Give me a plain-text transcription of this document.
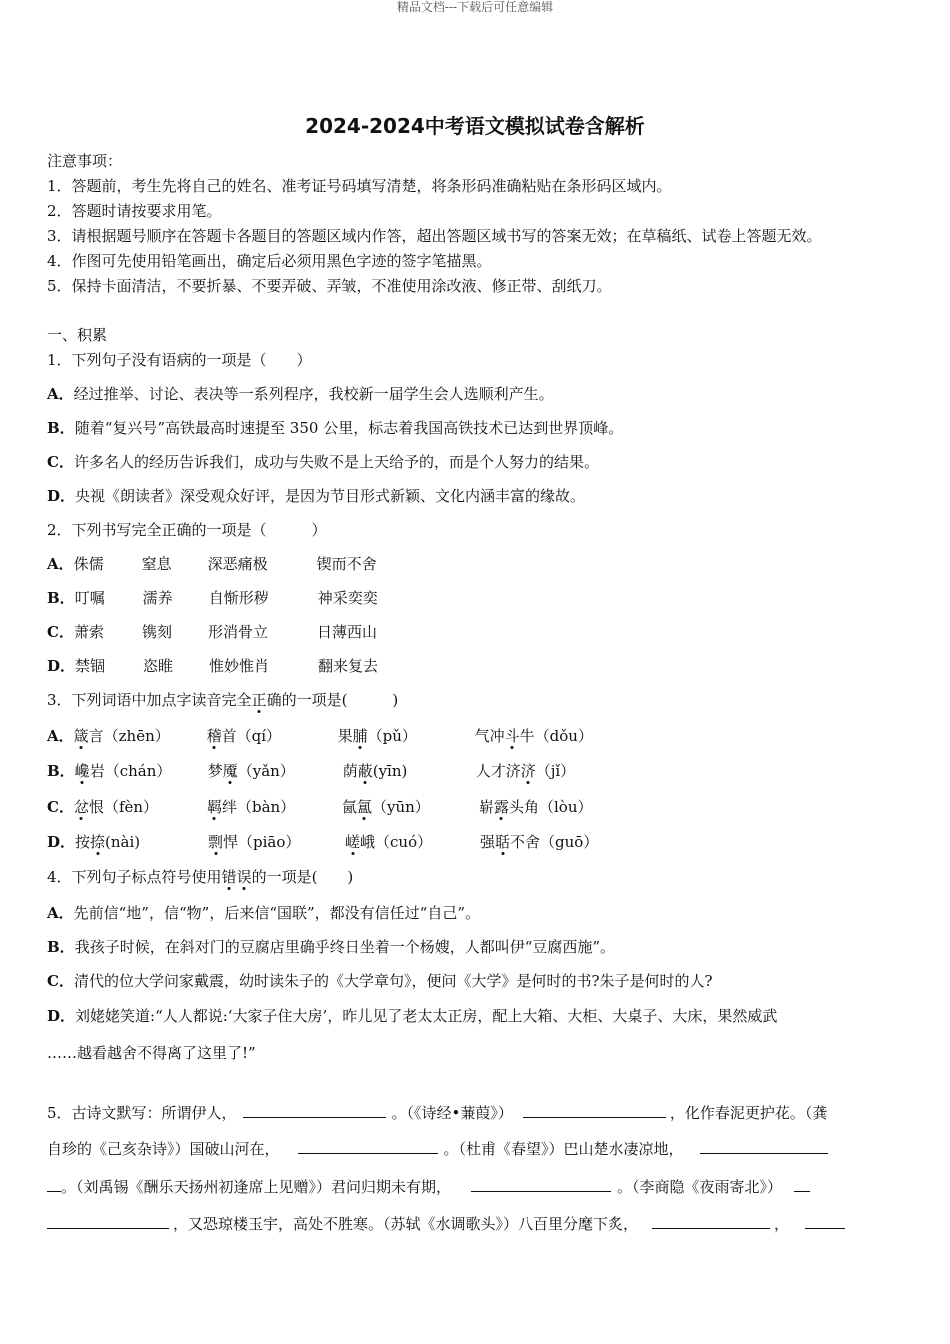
精品文档---下载后可任意编辑
2024-2024中考语文模拟试卷含解析
注意事项：
1．答题前，考生先将自己的姓名、准考证号码填写清楚，将条形码准确粘贴在条形码区域内。
2．答题时请按要求用笔。
3．请根据题号顺序在答题卡各题目的答题区域内作答，超出答题区域书写的答案无效；在草稿纸、试卷上答题无效。
4．作图可先使用铅笔画出，确定后必须用黑色字迹的签字笔描黑。
5．保持卡面清洁，不要折暴、不要弄破、弄皱，不准使用涂改液、修正带、刮纸刀。
一、积累
1．下列句子没有语病的一项是（　　）
A．经过推举、讨论、表决等一系列程序，我校新一届学生会人选顺利产生。
B．随着“复兴号”高铁最高时速提至 350 公里，标志着我国高铁技术已达到世界顶峰。
C．许多名人的经历告诉我们，成功与失败不是上天给予的，而是个人努力的结果。
D．央视《朗读者》深受观众好评，是因为节目形式新颖、文化内涵丰富的缘故。
2．下列书写完全正确的一项是（　　　）
A．侏儒	窒息 深恶痛极	锲而不舍
B．叮嘱	濡养 自惭形秽	神采奕奕
C．萧索	镌刻 形消骨立	日薄西山
D．禁锢	恣睢 惟妙惟肖	翻来复去
3．下列词语中加点字读音完全正确的一项是(　　　)
A．箴言（zhēn） 稽首（qí）	果脯（pǔ）	气冲斗牛（dǒu）
B．巉岩（chán） 梦魇（yǎn）	荫蔽(yīn)	人才济济（jǐ）
C．忿恨（fèn）	羁绊（bàn）	氤氲（yūn）	崭露头角（lòu）
D．按捺(nài)	剽悍（piāo）	嵯峨（cuó）	强聒不舍（guō）
4．下列句子标点符号使用错误的一项是(　　)
A．先前信“地”，信“物”，后来信“国联”，都没有信任过“自己”。
B．我孩子时候，在斜对门的豆腐店里确乎终日坐着一个杨嫂，人都叫伊“豆腐西施”。
C．清代的位大学问家戴震，幼时读朱子的《大学章句》，便问《大学》是何时的书?朱子是何时的人?
D．刘姥姥笑道:“人人都说:‘大家子住大房’，昨儿见了老太太正房，配上大箱、大柜、大桌子、大床，果然威武
……越看越舍不得离了这里了!”
5．古诗文默写：所谓伊人，	。（《诗经•蒹葭》）	，化作春泥更护花。（龚
自珍的《己亥杂诗》）国破山河在，	。（杜甫《春望》）巴山楚水凄凉地，
。（刘禹锡《酬乐天扬州初逢席上见赠》）君问归期未有期，	。（李商隐《夜雨寄北》）
，又恐琼楼玉宇，高处不胜寒。（苏轼《水调歌头》）八百里分麾下炙，	，
